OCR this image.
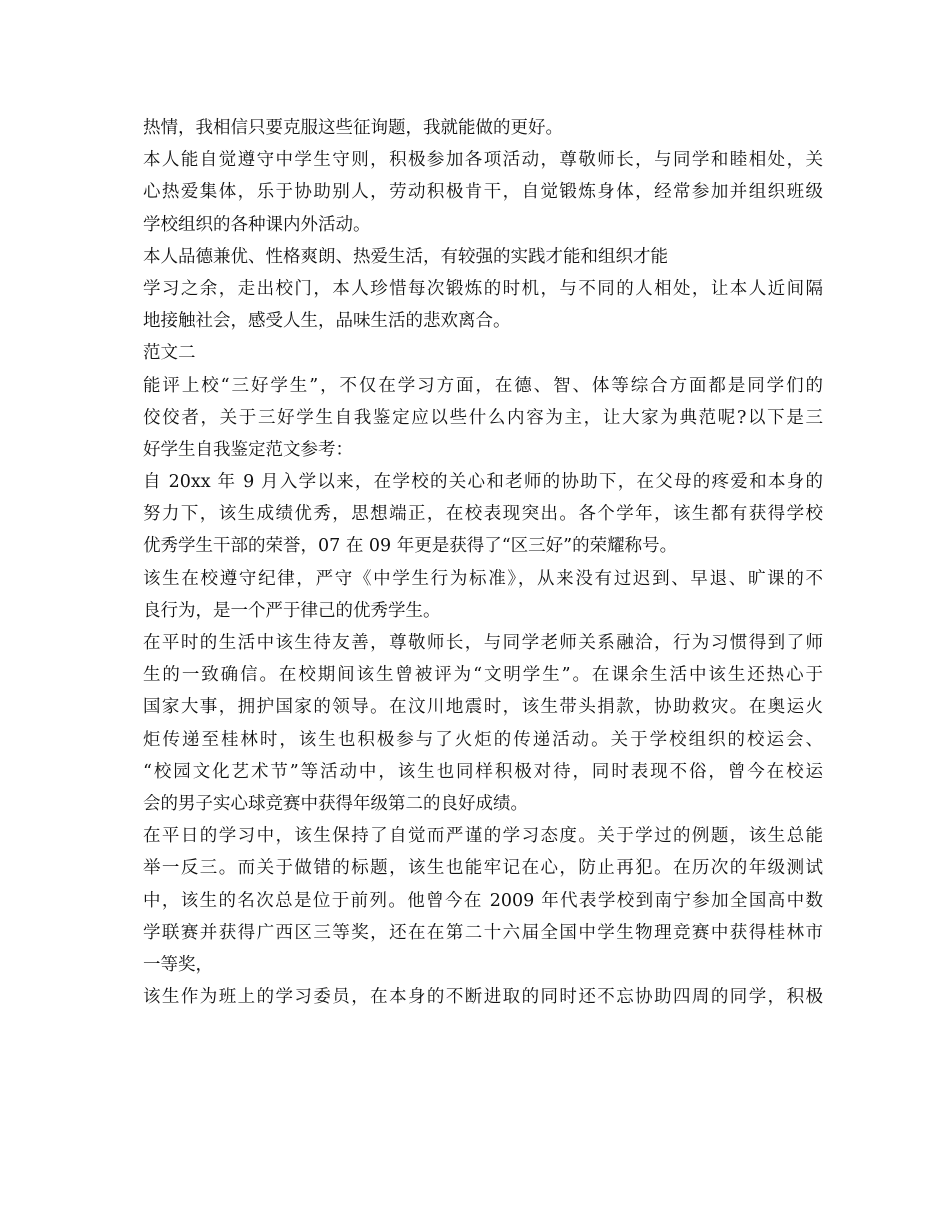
热情，我相信只要克服这些征询题，我就能做的更好。
本人能自觉遵守中学生守则，积极参加各项活动，尊敬师长，与同学和睦相处，关
心热爱集体，乐于协助别人，劳动积极肯干，自觉锻炼身体，经常参加并组织班级
学校组织的各种课内外活动。
本人品德兼优、性格爽朗、热爱生活，有较强的实践才能和组织才能
学习之余，走出校门，本人珍惜每次锻炼的时机，与不同的人相处，让本人近间隔
地接触社会，感受人生，品味生活的悲欢离合。
范文二
能评上校“三好学生”，不仅在学习方面，在德、智、体等综合方面都是同学们的
佼佼者，关于三好学生自我鉴定应以些什么内容为主，让大家为典范呢?以下是三
好学生自我鉴定范文参考：
自 20xx 年 9 月入学以来，在学校的关心和老师的协助下，在父母的疼爱和本身的
努力下，该生成绩优秀，思想端正，在校表现突出。各个学年，该生都有获得学校
优秀学生干部的荣誉，07 在 09 年更是获得了“区三好”的荣耀称号。
该生在校遵守纪律，严守《中学生行为标准》，从来没有过迟到、早退、旷课的不
良行为，是一个严于律己的优秀学生。
在平时的生活中该生待友善，尊敬师长，与同学老师关系融洽，行为习惯得到了师
生的一致确信。在校期间该生曾被评为“文明学生”。在课余生活中该生还热心于
国家大事，拥护国家的领导。在汶川地震时，该生带头捐款，协助救灾。在奥运火
炬传递至桂林时，该生也积极参与了火炬的传递活动。关于学校组织的校运会、
“校园文化艺术节”等活动中，该生也同样积极对待，同时表现不俗，曾今在校运
会的男子实心球竞赛中获得年级第二的良好成绩。
在平日的学习中，该生保持了自觉而严谨的学习态度。关于学过的例题，该生总能
举一反三。而关于做错的标题，该生也能牢记在心，防止再犯。在历次的年级测试
中，该生的名次总是位于前列。他曾今在 2009 年代表学校到南宁参加全国高中数
学联赛并获得广西区三等奖，还在在第二十六届全国中学生物理竞赛中获得桂林市
一等奖，
该生作为班上的学习委员，在本身的不断进取的同时还不忘协助四周的同学，积极
